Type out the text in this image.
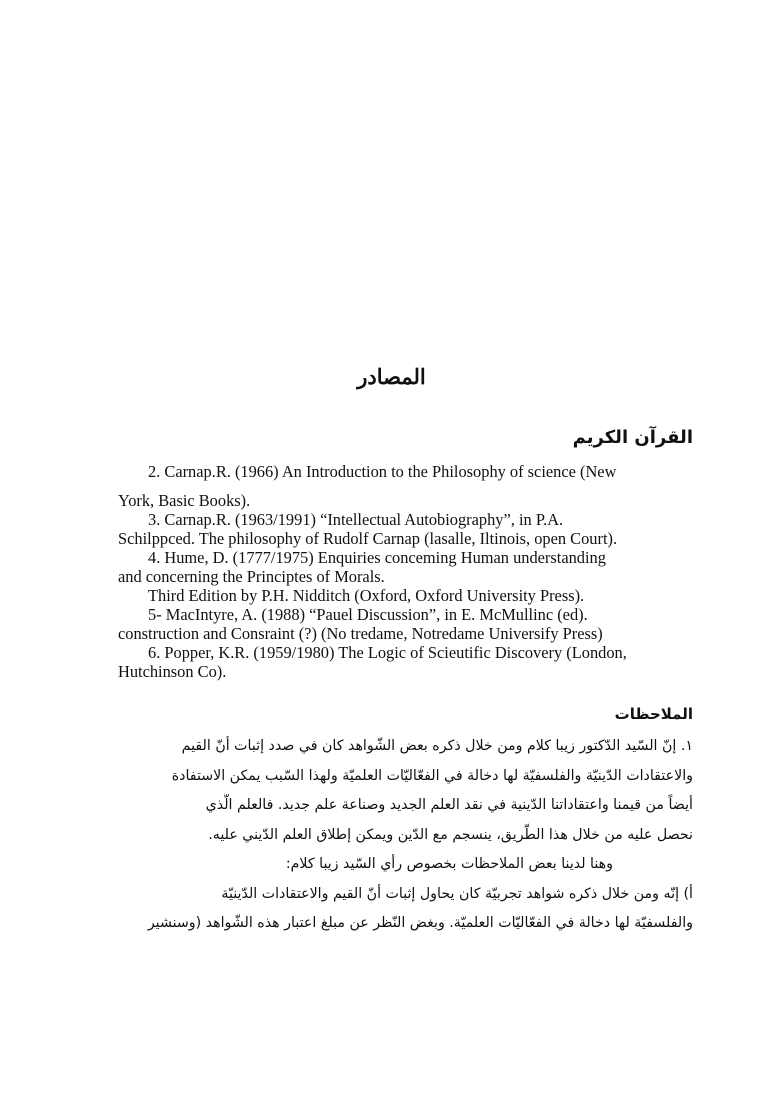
المصادر
القرآن الكريم

2. Carnap.R. (1966) An Introduction to the Philosophy of science (New

York, Basic Books).

3. Carnap.R. (1963/1991) “Intellectual Autobiography”, in P.A.

Schilppced. The philosophy of Rudolf Carnap (lasalle, Iltinois, open Court).

4. Hume, D. (1777/1975) Enquiries conceming Human understanding

and concerning the Principtes of Morals.

Third Edition by P.H. Nidditch (Oxford, Oxford University Press).

5- MacIntyre, A. (1988) “Pauel Discussion”, in E. McMullinc (ed).

construction and Consraint (?) (No tredame, Notredame Universify Press)

6. Popper, K.R. (1959/1980) The Logic of Scieutific Discovery (London,

Hutchinson Co).

الملاحظات

١. إنّ السّيد الدّكتور زيبا كلام ومن خلال ذكره بعض الشّواهد كان في صدد إثبات أنّ القيم

والاعتقادات الدّينيّة والفلسفيّة لها دخالة في الفعّاليّات العلميّة ولهذا السّبب يمكن الاستفادة

أيضاً من قيمنا واعتقاداتنا الدّينية في نقد العلم الجديد وصناعة علم جديد. فالعلم الّذي

نحصل عليه من خلال هذا الطّريق، ينسجم مع الدّين ويمكن إطلاق العلم الدّيني عليه.

وهنا لدينا بعض الملاحظات بخصوص رأي السّيد زيبا كلام:

أ) إنّه ومن خلال ذكره شواهد تجربيّة كان يحاول إثبات أنّ القيم والاعتقادات الدّينيّة

والفلسفيّة لها دخالة في الفعّاليّات العلميّة. وبغض النّظر عن مبلغ اعتبار هذه الشّواهد (وسنشير
